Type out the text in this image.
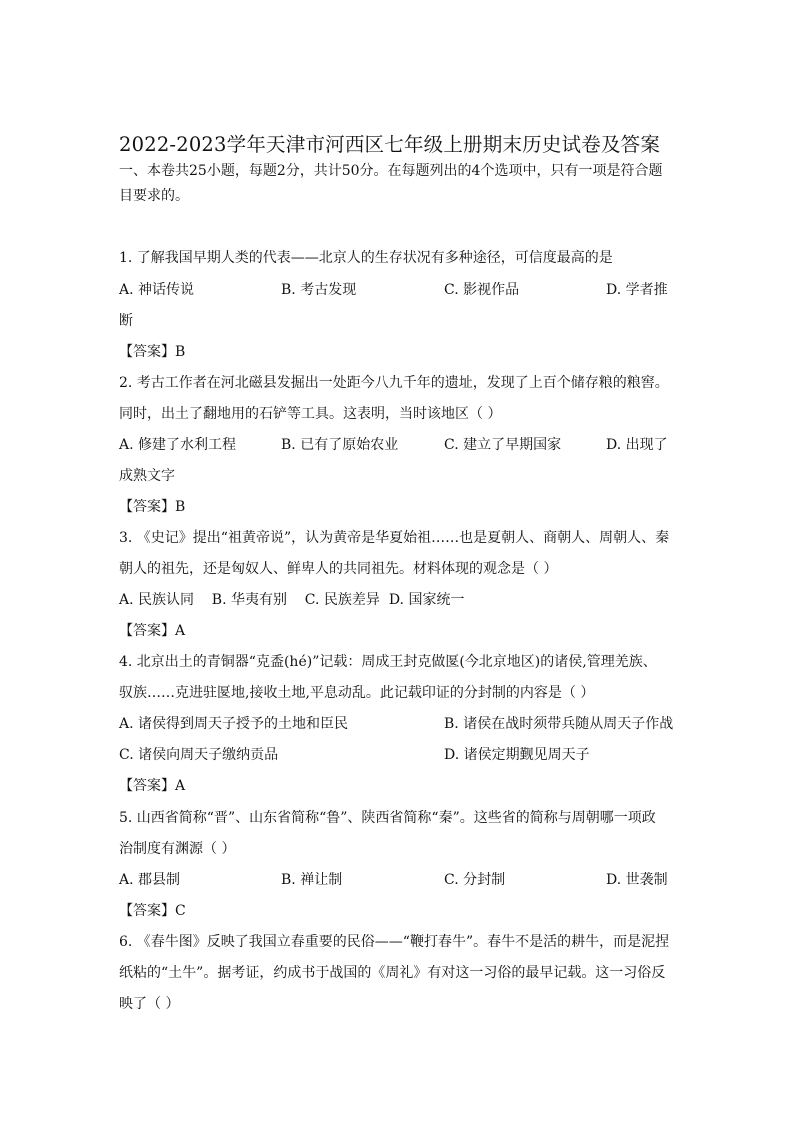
2022-2023学年天津市河西区七年级上册期末历史试卷及答案
一、本卷共25小题，每题2分，共计50分。在每题列出的4个选项中，只有一项是符合题
目要求的。
1. 了解我国早期人类的代表——北京人的生存状况有多种途径，可信度最高的是
A. 神话传说	B. 考古发现	C. 影视作品	D. 学者推
断
【答案】B
2. 考古工作者在河北磁县发掘出一处距今八九千年的遗址，发现了上百个储存粮的粮窖。
同时，出土了翻地用的石铲等工具。这表明，当时该地区（ ）
A. 修建了水利工程	B. 已有了原始农业	C. 建立了早期国家	D. 出现了
成熟文字
【答案】B
3. 《史记》提出“祖黄帝说”，认为黄帝是华夏始祖……也是夏朝人、商朝人、周朝人、秦
朝人的祖先，还是匈奴人、鲜卑人的共同祖先。材料体现的观念是（ ）
A. 民族认同    B. 华夷有别    C. 民族差异  D. 国家统一
【答案】A
4. 北京出土的青铜器“克盉(hé)”记载：周成王封克做匽(今北京地区)的诸侯,管理羌族、
驭族……克进驻匽地,接收土地,平息动乱。此记载印证的分封制的内容是（ ）
A. 诸侯得到周天子授予的土地和臣民	B. 诸侯在战时须带兵随从周天子作战
C. 诸侯向周天子缴纳贡品	D. 诸侯定期觐见周天子
【答案】A
5. 山西省简称“晋”、山东省简称“鲁”、陕西省简称“秦”。这些省的简称与周朝哪一项政
治制度有渊源（ ）
A. 郡县制	B. 禅让制	C. 分封制	D. 世袭制
【答案】C
6. 《春牛图》反映了我国立春重要的民俗——“鞭打春牛”。春牛不是活的耕牛，而是泥捏
纸粘的“土牛”。据考证，约成书于战国的《周礼》有对这一习俗的最早记载。这一习俗反
映了（ ）
